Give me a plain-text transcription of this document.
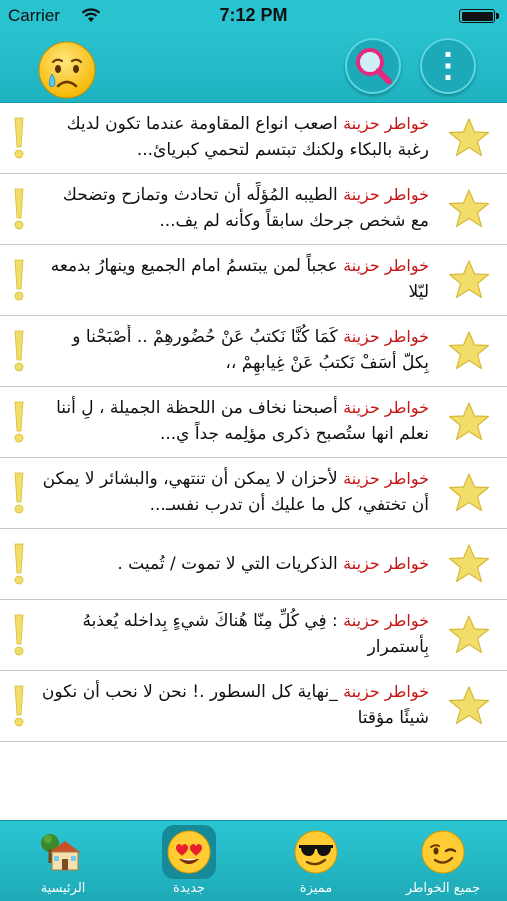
Carrier	7:12 PM
خواطر حزينة اصعب انواع المقاومة عندما تكون لديك رغبة بالبكاء ولكنك تبتسم لتحمي كبريائ...
خواطر حزينة الطيبه المُؤلِّه أن تحادث وتمازح وتضحك مع شخص جرحك سابقاً وكأنه لم يف...
خواطر حزينة عجباً لمن يبتسمُ امام الجميع وينهارُ بدمعه ليّلا
خواطر حزينة كَمَا كُنَّا نَكتبُ عَنْ حُضُورهِمْ .. أَصْبَحْنا و بِكلّ أسَفْ نَكتبُ عَنْ غِيابهِمْ ،،
خواطر حزينة أصبحنا نخاف من اللحظة الجميلة ، لِ أننا نعلم انها ستُصبح ذكرى مؤلِمه جداً ي...
خواطر حزينة لأحزان لا يمكن أن تنتهي، والبشائر لا يمكن أن تختفي، كل ما عليك أن تدرب نفسـ...
خواطر حزينة الذكريات التي لا تموت / تُميت .
خواطر حزينة : فِي كُلِّ مِنّا هُناكَ شيءٍ بِداخله يُعذبهُ بِأستمرار
خواطر حزينة _نهاية كل السطور .! نحن لا نحب أن نكون شيئًا مؤقتا
الرئيسية	جديدة	مميزة	جميع الخواطر
